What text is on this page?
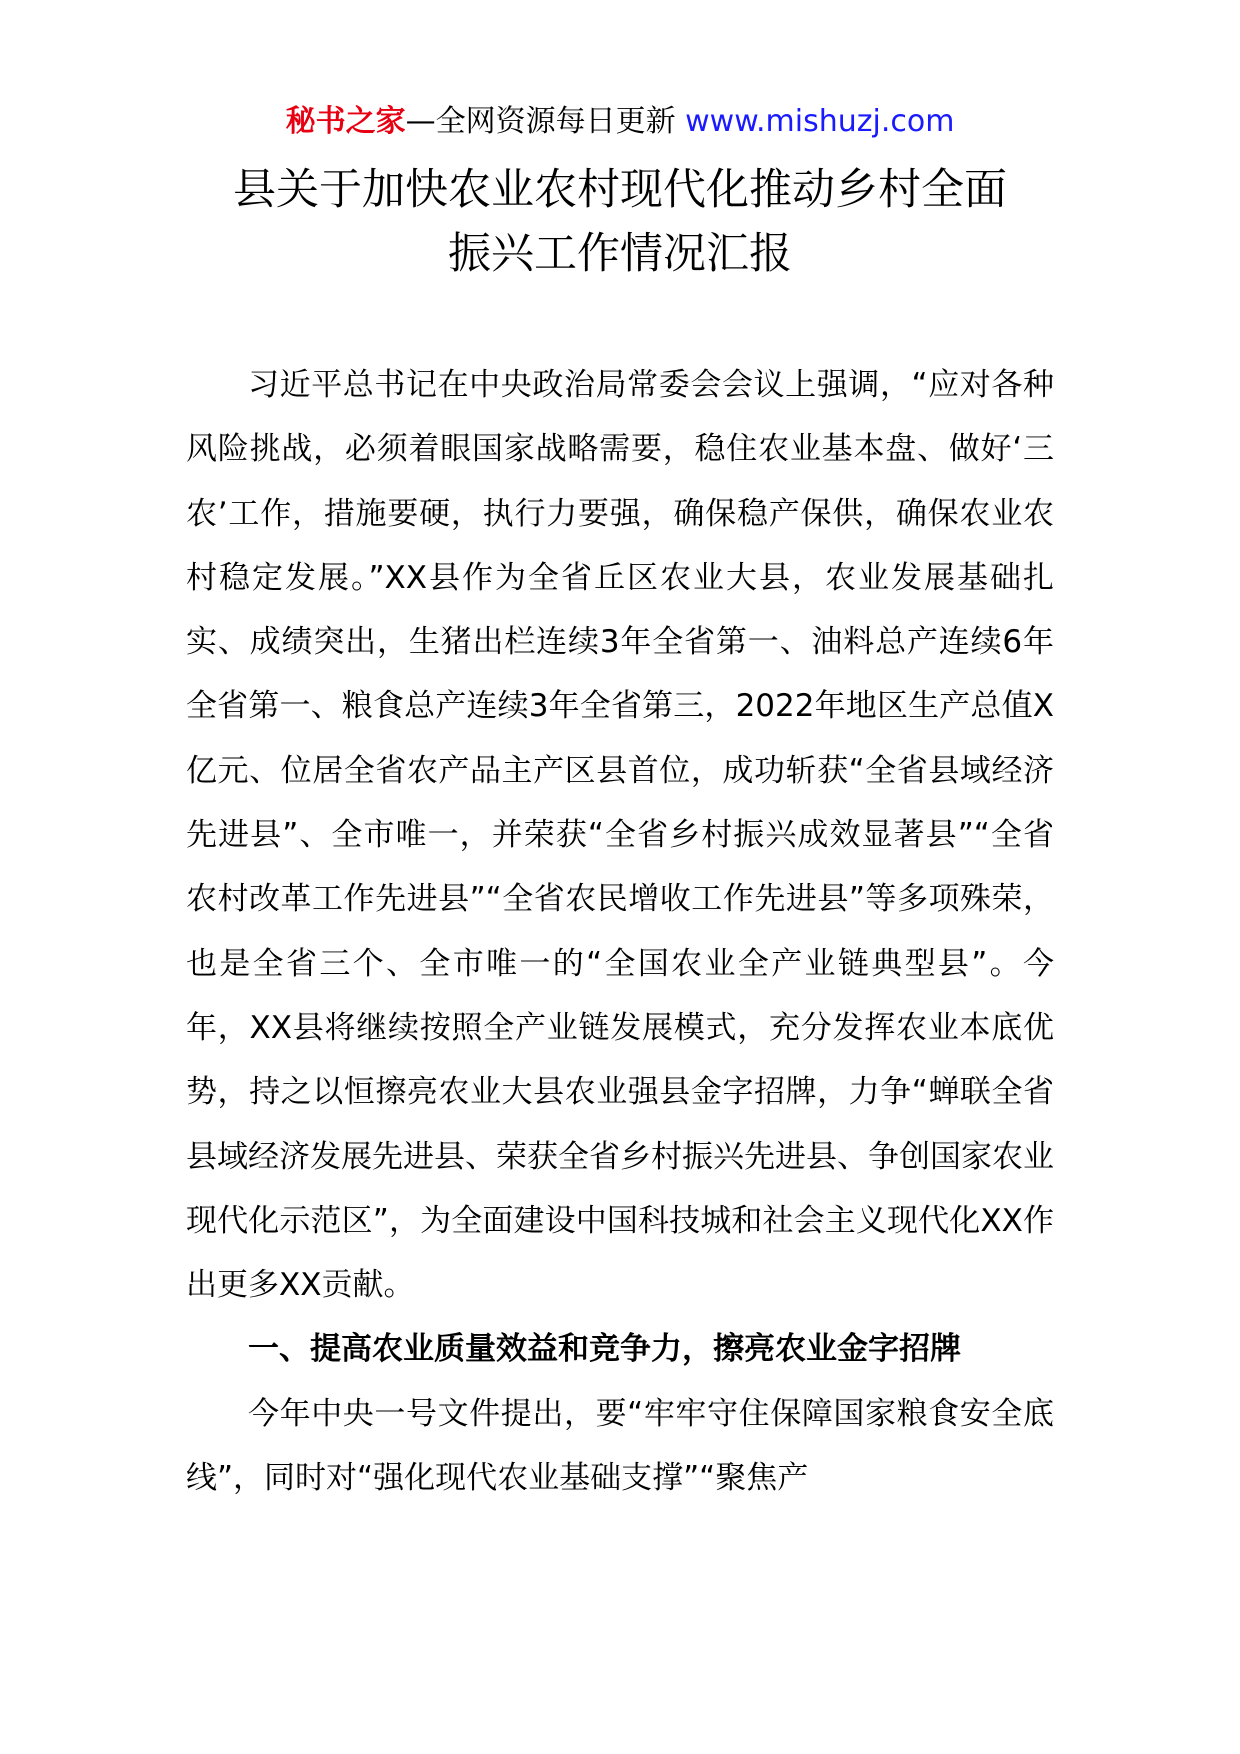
秘书之家—全网资源每日更新 www.mishuzj.com
县关于加快农业农村现代化推动乡村全面
振兴工作情况汇报

习近平总书记在中央政治局常委会会议上强调，“应对各种风险挑战，必须着眼国家战略需要，稳住农业基本盘、做好‘三农’工作，措施要硬，执行力要强，确保稳产保供，确保农业农村稳定发展。”XX县作为全省丘区农业大县，农业发展基础扎实、成绩突出，生猪出栏连续3年全省第一、油料总产连续6年全省第一、粮食总产连续3年全省第三，2022年地区生产总值X亿元、位居全省农产品主产区县首位，成功斩获“全省县域经济先进县”、全市唯一，并荣获“全省乡村振兴成效显著县”“全省农村改革工作先进县”“全省农民增收工作先进县”等多项殊荣，也是全省三个、全市唯一的“全国农业全产业链典型县”。今年，XX县将继续按照全产业链发展模式，充分发挥农业本底优势，持之以恒擦亮农业大县农业强县金字招牌，力争“蝉联全省县域经济发展先进县、荣获全省乡村振兴先进县、争创国家农业现代化示范区”，为全面建设中国科技城和社会主义现代化XX作出更多XX贡献。

一、提高农业质量效益和竞争力，擦亮农业金字招牌

今年中央一号文件提出，要“牢牢守住保障国家粮食安全底线”，同时对“强化现代农业基础支撑”“聚焦产
